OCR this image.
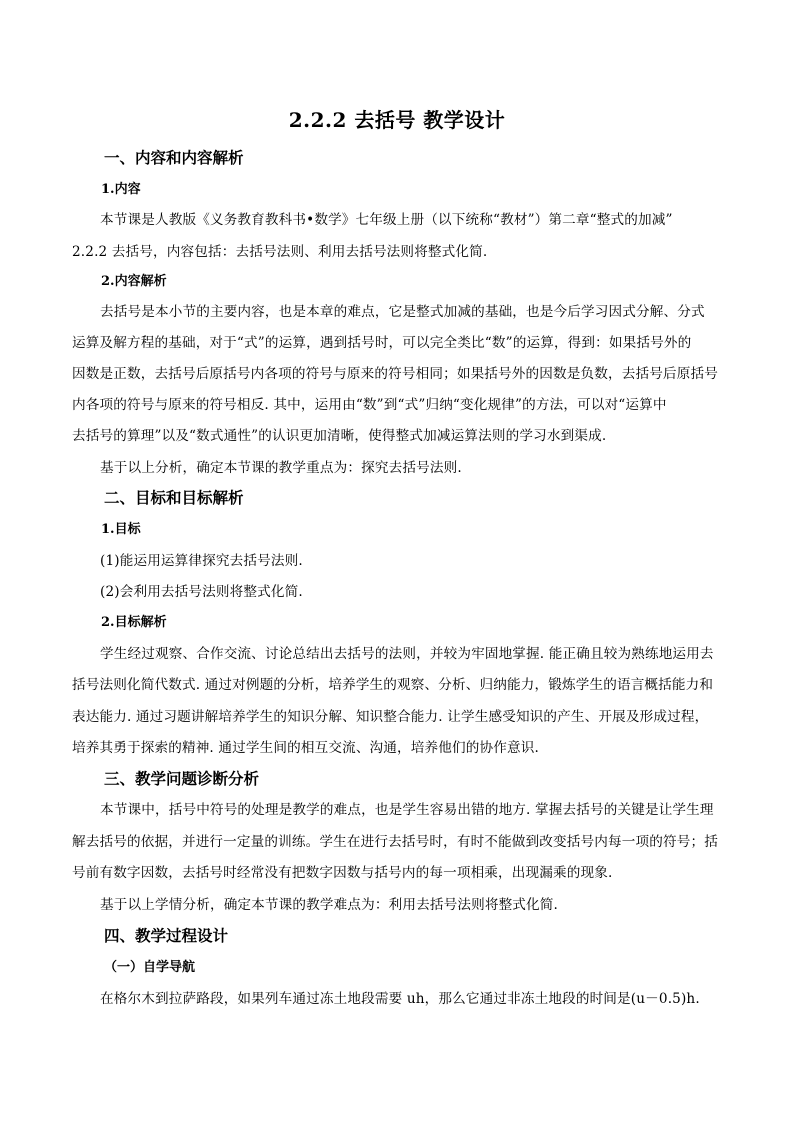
2.2.2 去括号 教学设计
一、内容和内容解析
1.内容
本节课是人教版《义务教育教科书•数学》七年级上册（以下统称“教材”）第二章“整式的加减”
2.2.2 去括号，内容包括：去括号法则、利用去括号法则将整式化简.
2.内容解析
去括号是本小节的主要内容，也是本章的难点，它是整式加减的基础，也是今后学习因式分解、分式
运算及解方程的基础，对于“式”的运算，遇到括号时，可以完全类比“数”的运算，得到：如果括号外的
因数是正数，去括号后原括号内各项的符号与原来的符号相同；如果括号外的因数是负数，去括号后原括号
内各项的符号与原来的符号相反. 其中，运用由“数”到“式”归纳“变化规律”的方法，可以对“运算中
去括号的算理”以及“数式通性”的认识更加清晰，使得整式加减运算法则的学习水到渠成.
基于以上分析，确定本节课的教学重点为：探究去括号法则.
二、目标和目标解析
1.目标
(1)能运用运算律探究去括号法则.
(2)会利用去括号法则将整式化简.
2.目标解析
学生经过观察、合作交流、讨论总结出去括号的法则，并较为牢固地掌握. 能正确且较为熟练地运用去
括号法则化简代数式. 通过对例题的分析，培养学生的观察、分析、归纳能力，锻炼学生的语言概括能力和
表达能力. 通过习题讲解培养学生的知识分解、知识整合能力. 让学生感受知识的产生、开展及形成过程，
培养其勇于探索的精神. 通过学生间的相互交流、沟通，培养他们的协作意识.
三、教学问题诊断分析
本节课中，括号中符号的处理是教学的难点，也是学生容易出错的地方. 掌握去括号的关键是让学生理
解去括号的依据，并进行一定量的训练。学生在进行去括号时，有时不能做到改变括号内每一项的符号；括
号前有数字因数，去括号时经常没有把数字因数与括号内的每一项相乘，出现漏乘的现象.
基于以上学情分析，确定本节课的教学难点为：利用去括号法则将整式化简.
四、教学过程设计
（一）自学导航
在格尔木到拉萨路段，如果列车通过冻土地段需要 uh，那么它通过非冻土地段的时间是(u－0.5)h.
